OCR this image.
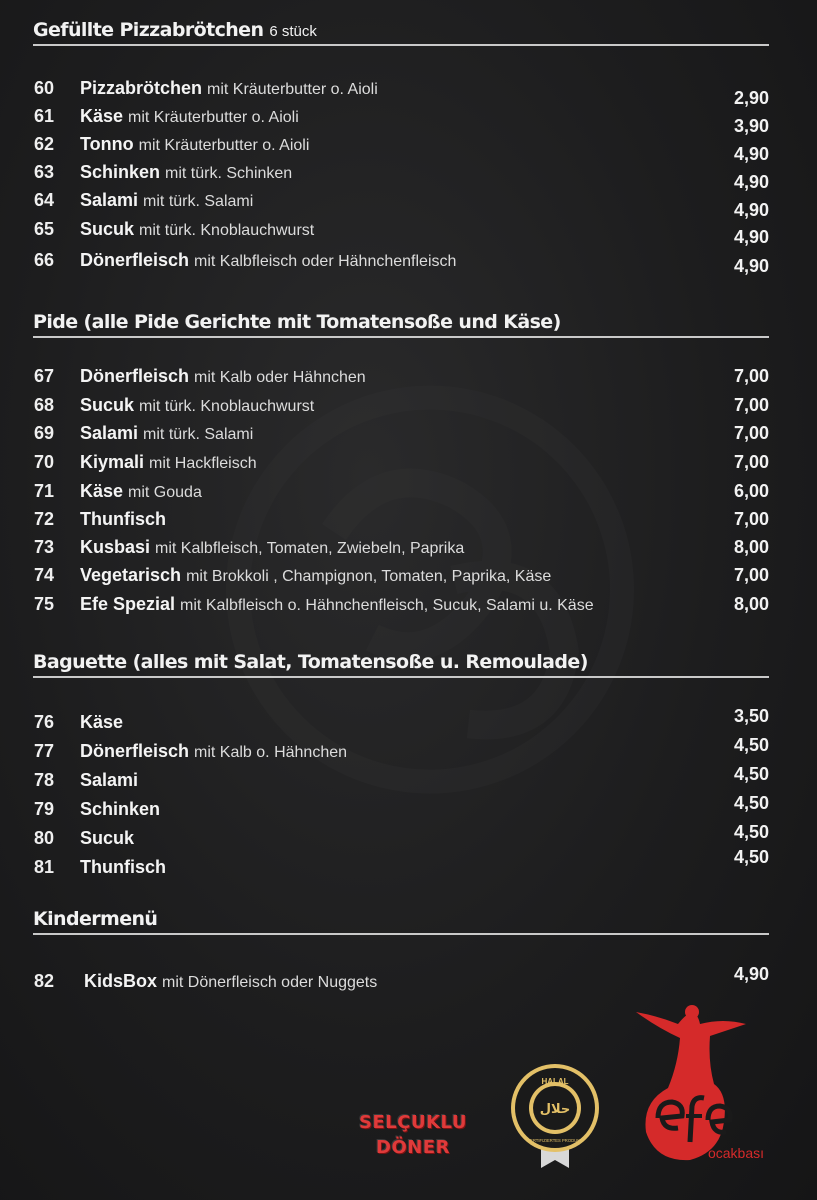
Gefüllte Pizzabrötchen 6 stück
60	Pizzabrötchen mit Kräuterbutter o. Aioli	2,90
61	Käse mit Kräuterbutter o. Aioli	3,90
62	Tonno mit Kräuterbutter o. Aioli	4,90
63	Schinken mit türk. Schinken	4,90
64	Salami mit türk. Salami	4,90
65	Sucuk mit türk. Knoblauchwurst	4,90
66	Dönerfleisch mit Kalbfleisch oder Hähnchenfleisch	4,90
Pide (alle Pide Gerichte mit Tomatensoße und Käse)
67	Dönerfleisch mit Kalb oder Hähnchen	7,00
68	Sucuk mit türk. Knoblauchwurst	7,00
69	Salami mit türk. Salami	7,00
70	Kiymali mit Hackfleisch	7,00
71	Käse mit Gouda	6,00
72	Thunfisch	7,00
73	Kusbasi mit Kalbfleisch, Tomaten, Zwiebeln, Paprika	8,00
74	Vegetarisch mit Brokkoli , Champignon, Tomaten, Paprika, Käse	7,00
75	Efe Spezial mit Kalbfleisch o. Hähnchenfleisch, Sucuk, Salami u. Käse	8,00
Baguette (alles mit Salat, Tomatensoße u. Remoulade)
76	Käse	3,50
77	Dönerfleisch mit Kalb o. Hähnchen	4,50
78	Salami	4,50
79	Schinken	4,50
80	Sucuk	4,50
81	Thunfisch	4,50
Kindermenü
82	KidsBox mit Dönerfleisch oder Nuggets	4,90
SELÇUKLU
DÖNER
HALAL
حلال
ZERTIFIZIERTES PRODUKT
ocakbası
